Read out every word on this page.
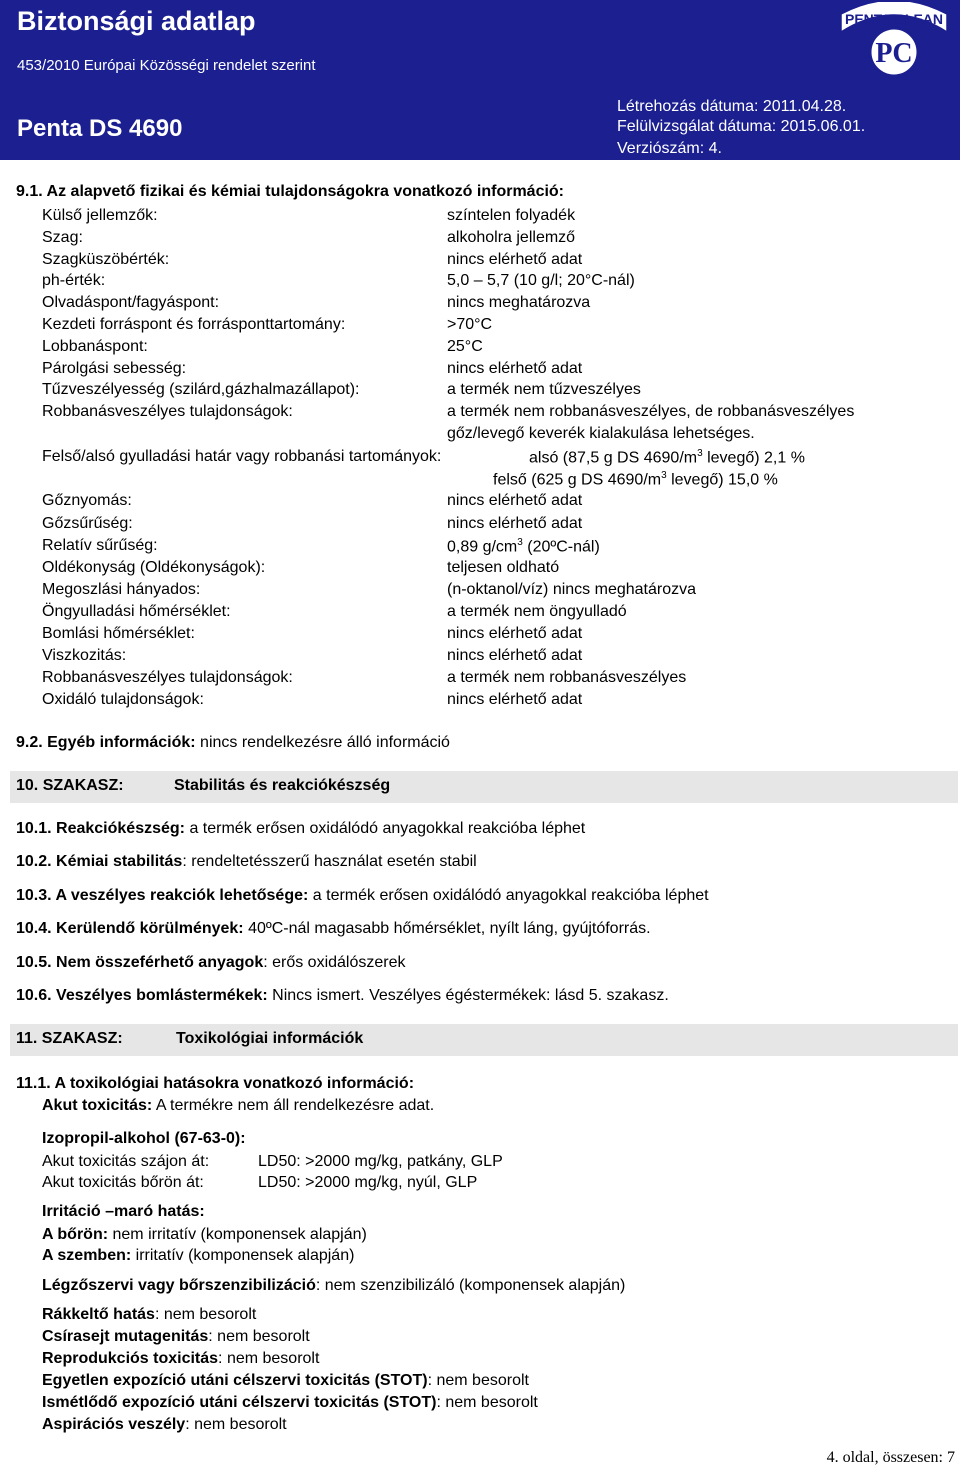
Biztonsági adatlap
453/2010 Európai Közösségi rendelet szerint
Penta DS 4690
Létrehozás dátuma: 2011.04.28.
Felülvizsgálat dátuma: 2015.06.01.
Verziószám: 4.
PENTA CLEAN
PC
9.1. Az alapvető fizikai és kémiai tulajdonságokra vonatkozó információ:
Külső jellemzők:	színtelen folyadék
Szag:	alkoholra jellemző
Szagküszöbérték:	nincs elérhető adat
ph-érték:	5,0 – 5,7 (10 g/l; 20°C-nál)
Olvadáspont/fagyáspont:	nincs meghatározva
Kezdeti forráspont és forrásponttartomány:	>70°C
Lobbanáspont:	25°C
Párolgási sebesség:	nincs elérhető adat
Tűzveszélyesség (szilárd,gázhalmazállapot):	a termék nem tűzveszélyes
Robbanásveszélyes tulajdonságok:	a termék nem robbanásveszélyes, de robbanásveszélyes
gőz/levegő keverék kialakulása lehetséges.
Felső/alsó gyulladási határ vagy robbanási tartományok:	alsó (87,5 g DS $4690/m^3$ levegő) 2,1 %
felső (625 g DS $4690/m^3$ levegő) 15,0 %
Gőznyomás:	nincs elérhető adat
Gőzsűrűség:	nincs elérhető adat
Relatív sűrűség:	0,89 $g/cm^3$ (20ºC-nál)
Oldékonyság (Oldékonyságok):	teljesen oldható
Megoszlási hányados:	(n-oktanol/víz) nincs meghatározva
Öngyulladási hőmérséklet:	a termék nem öngyulladó
Bomlási hőmérséklet:	nincs elérhető adat
Viszkozitás:	nincs elérhető adat
Robbanásveszélyes tulajdonságok:	a termék nem robbanásveszélyes
Oxidáló tulajdonságok:	nincs elérhető adat
9.2. Egyéb információk: nincs rendelkezésre álló információ
10. SZAKASZ:	Stabilitás és reakciókészség
10.1. Reakciókészség: a termék erősen oxidálódó anyagokkal reakcióba léphet
10.2. Kémiai stabilitás: rendeltetésszerű használat esetén stabil
10.3. A veszélyes reakciók lehetősége: a termék erősen oxidálódó anyagokkal reakcióba léphet
10.4. Kerülendő körülmények: 40ºC-nál magasabb hőmérséklet, nyílt láng, gyújtóforrás.
10.5. Nem összeférhető anyagok: erős oxidálószerek
10.6. Veszélyes bomlástermékek: Nincs ismert. Veszélyes égéstermékek: lásd 5. szakasz.
11. SZAKASZ:	Toxikológiai információk
11.1. A toxikológiai hatásokra vonatkozó információ:
Akut toxicitás: A termékre nem áll rendelkezésre adat.
Izopropil-alkohol (67-63-0):
Akut toxicitás szájon át:	LD50: >2000 mg/kg, patkány, GLP
Akut toxicitás bőrön át:	LD50: >2000 mg/kg, nyúl, GLP
Irritáció –maró hatás:
A bőrön: nem irritatív (komponensek alapján)
A szemben: irritatív (komponensek alapján)
Légzőszervi vagy bőrszenzibilizáció: nem szenzibilizáló (komponensek alapján)
Rákkeltő hatás: nem besorolt
Csírasejt mutagenitás: nem besorolt
Reprodukciós toxicitás: nem besorolt
Egyetlen expozíció utáni célszervi toxicitás (STOT): nem besorolt
Ismétlődő expozíció utáni célszervi toxicitás (STOT): nem besorolt
Aspirációs veszély: nem besorolt
4. oldal, összesen: 7
